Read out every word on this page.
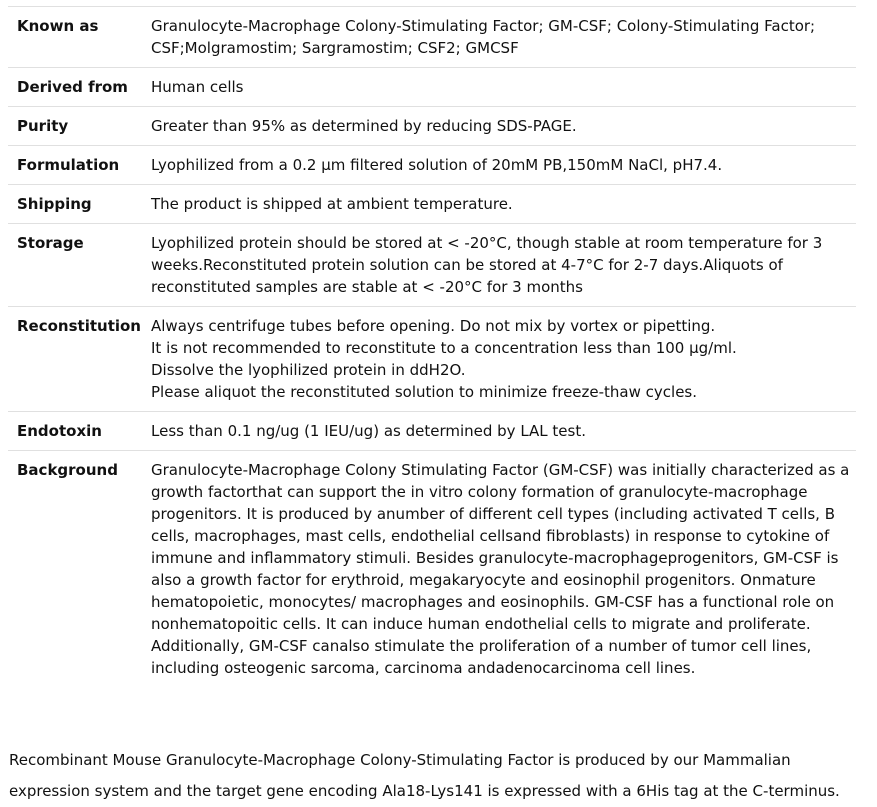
Known as	Granulocyte-Macrophage Colony-Stimulating Factor; GM-CSF; Colony-Stimulating Factor; CSF;Molgramostim; Sargramostim; CSF2; GMCSF
Derived from	Human cells
Purity	Greater than 95% as determined by reducing SDS-PAGE.
Formulation	Lyophilized from a 0.2 μm filtered solution of 20mM PB,150mM NaCl, pH7.4.
Shipping	The product is shipped at ambient temperature.
Storage	Lyophilized protein should be stored at < -20°C, though stable at room temperature for 3 weeks.Reconstituted protein solution can be stored at 4-7°C for 2-7 days.Aliquots of reconstituted samples are stable at < -20°C for 3 months
Reconstitution	Always centrifuge tubes before opening. Do not mix by vortex or pipetting.
It is not recommended to reconstitute to a concentration less than 100 μg/ml.
Dissolve the lyophilized protein in ddH2O.
Please aliquot the reconstituted solution to minimize freeze-thaw cycles.

Endotoxin	Less than 0.1 ng/ug (1 IEU/ug) as determined by LAL test.
Background	Granulocyte-Macrophage Colony Stimulating Factor (GM-CSF) was initially characterized as a growth factorthat can support the in vitro colony formation of granulocyte-macrophage progenitors. It is produced by anumber of different cell types (including activated T cells, B cells, macrophages, mast cells, endothelial cellsand fibroblasts) in response to cytokine of immune and inflammatory stimuli. Besides granulocyte-macrophageprogenitors, GM-CSF is also a growth factor for erythroid, megakaryocyte and eosinophil progenitors. Onmature hematopoietic, monocytes/ macrophages and eosinophils. GM-CSF has a functional role on nonhematopoitic cells. It can induce human endothelial cells to migrate and proliferate. Additionally, GM-CSF canalso stimulate the proliferation of a number of tumor cell lines, including osteogenic sarcoma, carcinoma andadenocarcinoma cell lines.

Recombinant Mouse Granulocyte-Macrophage Colony-Stimulating Factor is produced by our Mammalian expression system and the target gene encoding Ala18-Lys141 is expressed with a 6His tag at the C-terminus.
